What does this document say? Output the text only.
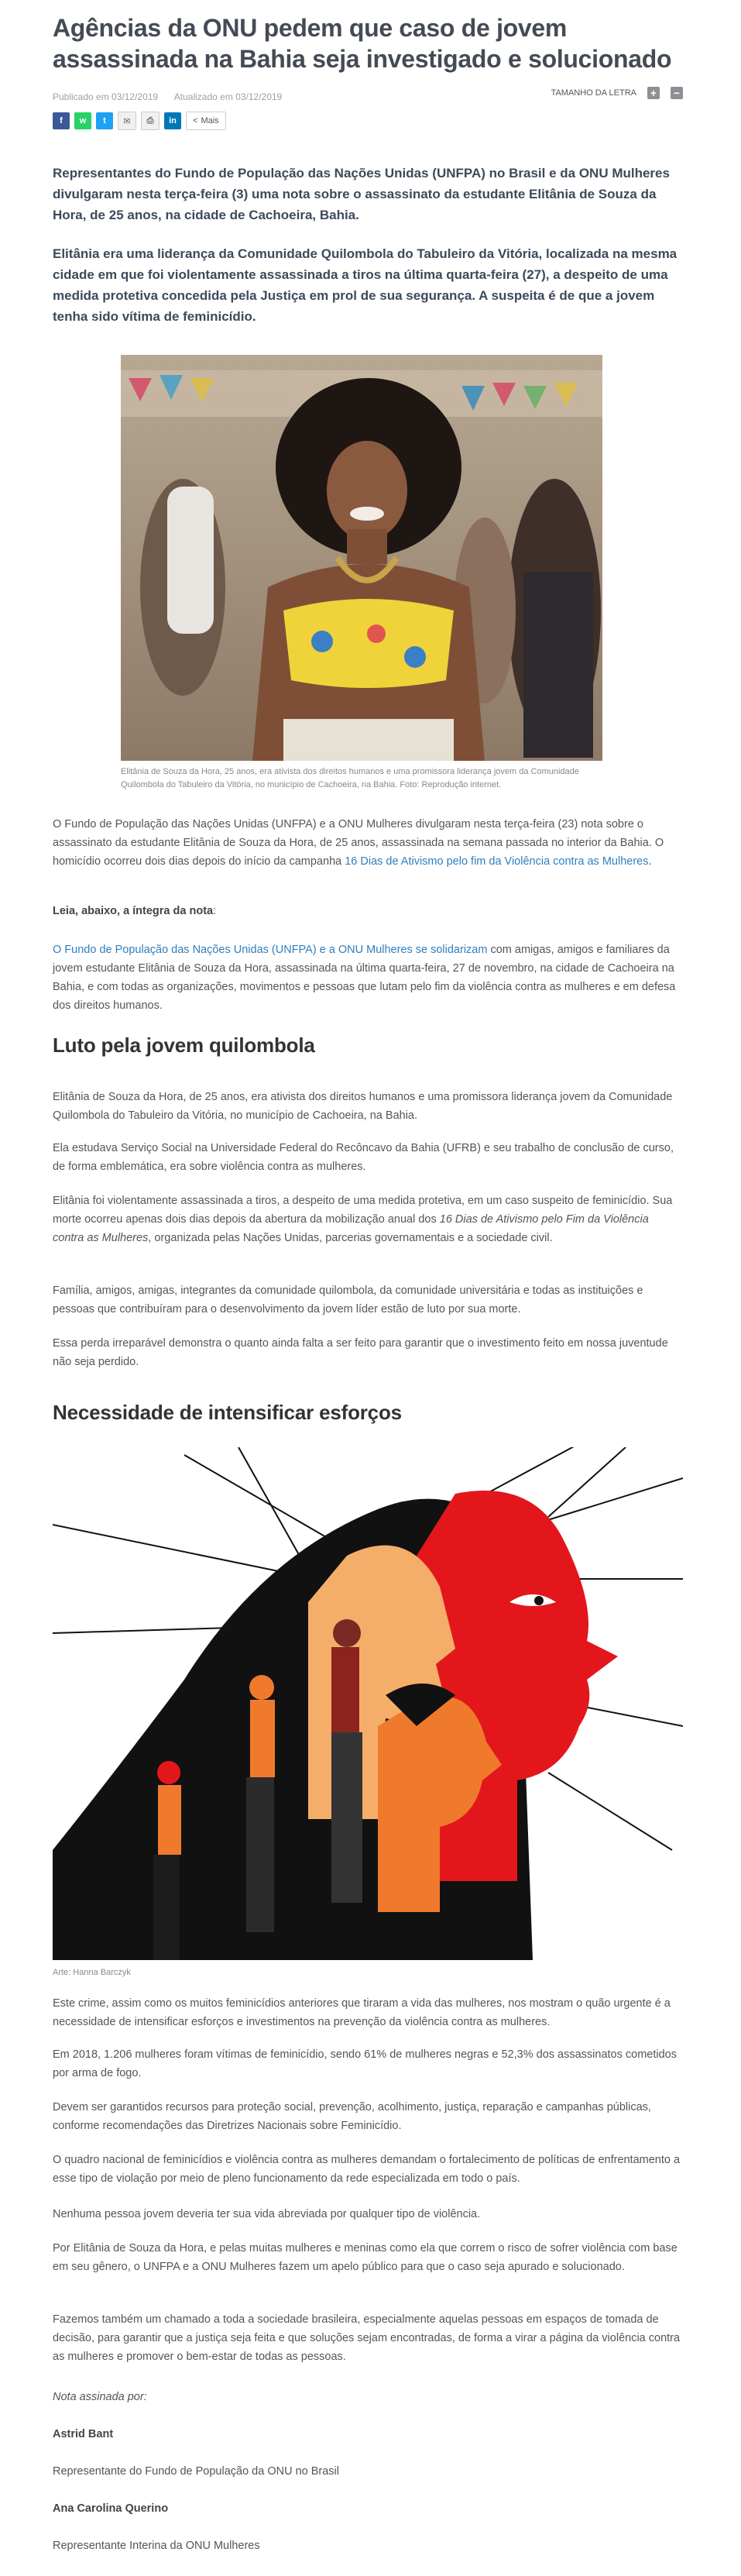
Agências da ONU pedem que caso de jovem assassinada na Bahia seja investigado e solucionado
Publicado em 03/12/2019 Atualizado em 03/12/2019	TAMANHO DA LETRA + −
f	w	t	✉	⎙	in	< Mais

Representantes do Fundo de População das Nações Unidas (UNFPA) no Brasil e da ONU Mulheres divulgaram nesta terça-feira (3) uma nota sobre o assassinato da estudante Elitânia de Souza da Hora, de 25 anos, na cidade de Cachoeira, Bahia.

Elitânia era uma liderança da Comunidade Quilombola do Tabuleiro da Vitória, localizada na mesma cidade em que foi violentamente assassinada a tiros na última quarta-feira (27), a despeito de uma medida protetiva concedida pela Justiça em prol de sua segurança. A suspeita é de que a jovem tenha sido vítima de feminicídio.

Elitânia de Souza da Hora, 25 anos, era ativista dos direitos humanos e uma promissora liderança jovem da Comunidade Quilombola do Tabuleiro da Vitória, no município de Cachoeira, na Bahia. Foto: Reprodução internet.

O Fundo de População das Nações Unidas (UNFPA) e a ONU Mulheres divulgaram nesta terça-feira (23) nota sobre o assassinato da estudante Elitânia de Souza da Hora, de 25 anos, assassinada na semana passada no interior da Bahia. O homicídio ocorreu dois dias depois do início da campanha 16 Dias de Ativismo pelo fim da Violência contra as Mulheres.

Leia, abaixo, a íntegra da nota:

O Fundo de População das Nações Unidas (UNFPA) e a ONU Mulheres se solidarizam com amigas, amigos e familiares da jovem estudante Elitânia de Souza da Hora, assassinada na última quarta-feira, 27 de novembro, na cidade de Cachoeira na Bahia, e com todas as organizações, movimentos e pessoas que lutam pelo fim da violência contra as mulheres e em defesa dos direitos humanos.

Luto pela jovem quilombola

Elitânia de Souza da Hora, de 25 anos, era ativista dos direitos humanos e uma promissora liderança jovem da Comunidade Quilombola do Tabuleiro da Vitória, no município de Cachoeira, na Bahia.

Ela estudava Serviço Social na Universidade Federal do Recôncavo da Bahia (UFRB) e seu trabalho de conclusão de curso, de forma emblemática, era sobre violência contra as mulheres.

Elitânia foi violentamente assassinada a tiros, a despeito de uma medida protetiva, em um caso suspeito de feminicídio. Sua morte ocorreu apenas dois dias depois da abertura da mobilização anual dos 16 Dias de Ativismo pelo Fim da Violência contra as Mulheres, organizada pelas Nações Unidas, parcerias governamentais e a sociedade civil.

Família, amigos, amigas, integrantes da comunidade quilombola, da comunidade universitária e todas as instituições e pessoas que contribuíram para o desenvolvimento da jovem líder estão de luto por sua morte.

Essa perda irreparável demonstra o quanto ainda falta a ser feito para garantir que o investimento feito em nossa juventude não seja perdido.

Necessidade de intensificar esforços

Arte: Hanna Barczyk

Este crime, assim como os muitos feminicídios anteriores que tiraram a vida das mulheres, nos mostram o quão urgente é a necessidade de intensificar esforços e investimentos na prevenção da violência contra as mulheres.

Em 2018, 1.206 mulheres foram vítimas de feminicídio, sendo 61% de mulheres negras e 52,3% dos assassinatos cometidos por arma de fogo.

Devem ser garantidos recursos para proteção social, prevenção, acolhimento, justiça, reparação e campanhas públicas, conforme recomendações das Diretrizes Nacionais sobre Feminicídio.

O quadro nacional de feminicídios e violência contra as mulheres demandam o fortalecimento de políticas de enfrentamento a esse tipo de violação por meio de pleno funcionamento da rede especializada em todo o país.

Nenhuma pessoa jovem deveria ter sua vida abreviada por qualquer tipo de violência.

Por Elitânia de Souza da Hora, e pelas muitas mulheres e meninas como ela que correm o risco de sofrer violência com base em seu gênero, o UNFPA e a ONU Mulheres fazem um apelo público para que o caso seja apurado e solucionado.

Fazemos também um chamado a toda a sociedade brasileira, especialmente aquelas pessoas em espaços de tomada de decisão, para garantir que a justiça seja feita e que soluções sejam encontradas, de forma a virar a página da violência contra as mulheres e promover o bem-estar de todas as pessoas.

Nota assinada por:

Astrid Bant

Representante do Fundo de População da ONU no Brasil

Ana Carolina Querino

Representante Interina da ONU Mulheres
